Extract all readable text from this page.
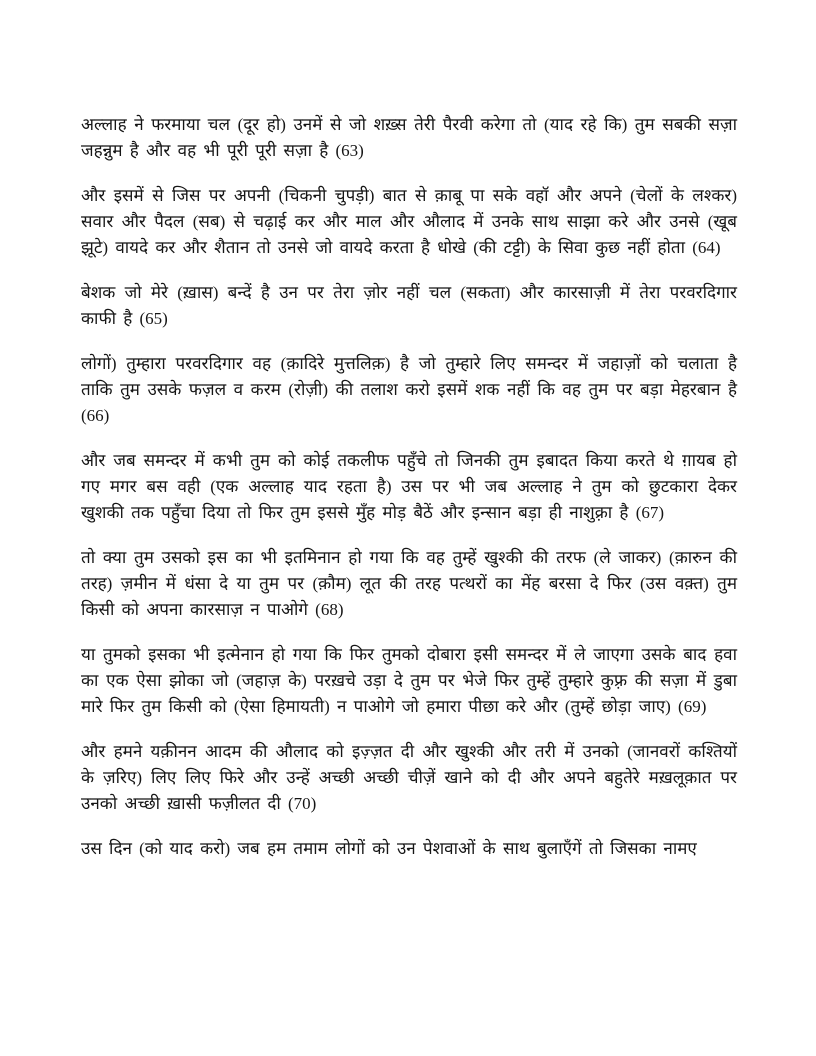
अल्लाह ने फरमाया चल (दूर हो) उनमें से जो शख़्स तेरी पैरवी करेगा तो (याद रहे कि) तुम सबकी सज़ा जहन्नुम है और वह भी पूरी पूरी सज़ा है (63)

और इसमें से जिस पर अपनी (चिकनी चुपड़ी) बात से क़ाबू पा सके वहॉ और अपने (चेलों के लश्कर) सवार और पैदल (सब) से चढ़ाई कर और माल और औलाद में उनके साथ साझा करे और उनसे (खूब झूटे) वायदे कर और शैतान तो उनसे जो वायदे करता है धोखे (की टट्टी) के सिवा कुछ नहीं होता (64)

बेशक जो मेरे (ख़ास) बन्दें है उन पर तेरा ज़ोर नहीं चल (सकता) और कारसाज़ी में तेरा परवरदिगार काफी है (65)

लोगों) तुम्हारा परवरदिगार वह (क़ादिरे मुत्तलिक़) है जो तुम्हारे लिए समन्दर में जहाज़ों को चलाता है ताकि तुम उसके फज़ल व करम (रोज़ी) की तलाश करो इसमें शक नहीं कि वह तुम पर बड़ा मेहरबान है (66)

और जब समन्दर में कभी तुम को कोई तकलीफ पहुँचे तो जिनकी तुम इबादत किया करते थे ग़ायब हो गए मगर बस वही (एक अल्लाह याद रहता है) उस पर भी जब अल्लाह ने तुम को छुटकारा देकर खुशकी तक पहुँचा दिया तो फिर तुम इससे मुँह मोड़ बैठें और इन्सान बड़ा ही नाशुक़्रा है (67)

तो क्या तुम उसको इस का भी इतमिनान हो गया कि वह तुम्हें खुश्की की तरफ (ले जाकर) (क़ारुन की तरह) ज़मीन में धंसा दे या तुम पर (क़ौम) लूत की तरह पत्थरों का मेंह बरसा दे फिर (उस वक़्त) तुम किसी को अपना कारसाज़ न पाओगे (68)

या तुमको इसका भी इत्मेनान हो गया कि फिर तुमको दोबारा इसी समन्दर में ले जाएगा उसके बाद हवा का एक ऐसा झोका जो (जहाज़ के) परख़चे उड़ा दे तुम पर भेजे फिर तुम्हें तुम्हारे कुफ़्र की सज़ा में डुबा मारे फिर तुम किसी को (ऐसा हिमायती) न पाओगे जो हमारा पीछा करे और (तुम्हें छोड़ा जाए) (69)

और हमने यक़ीनन आदम की औलाद को इज़्ज़त दी और खुश्की और तरी में उनको (जानवरों कश्तियों के ज़रिए) लिए लिए फिरे और उन्हें अच्छी अच्छी चीज़ें खाने को दी और अपने बहुतेरे मख़लूक़ात पर उनको अच्छी ख़ासी फज़ीलत दी (70)

उस दिन (को याद करो) जब हम तमाम लोगों को उन पेशवाओं के साथ बुलाएँगें तो जिसका नामए
